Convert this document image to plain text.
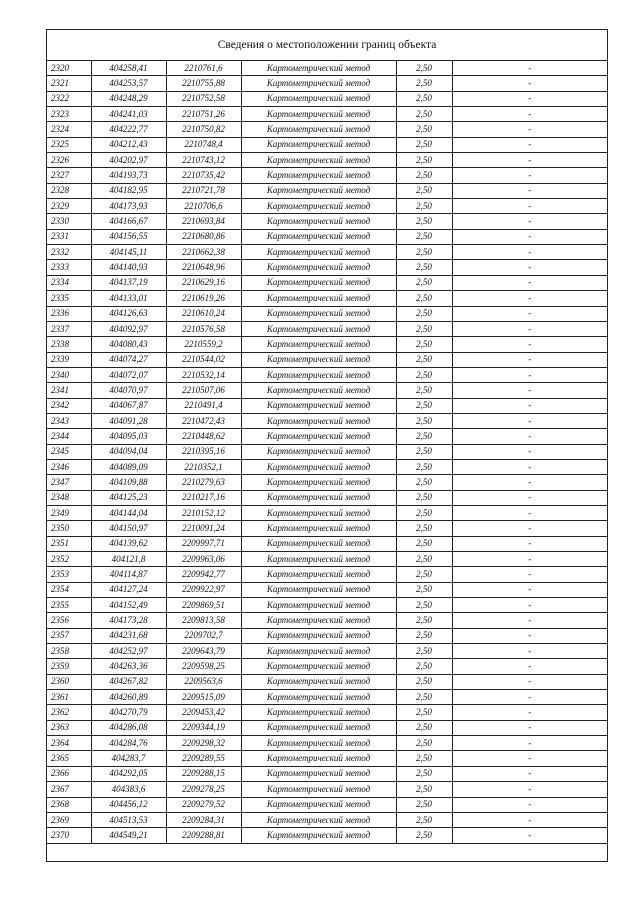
Сведения о местоположении границ объекта
2320	404258,41	2210761,6	Картометрический метод	2,50	-
2321	404253,57	2210755,88	Картометрический метод	2,50	-
2322	404248,29	2210752,58	Картометрический метод	2,50	-
2323	404241,03	2210751,26	Картометрический метод	2,50	-
2324	404222,77	2210750,82	Картометрический метод	2,50	-
2325	404212,43	2210748,4	Картометрический метод	2,50	-
2326	404202,97	2210743,12	Картометрический метод	2,50	-
2327	404193,73	2210735,42	Картометрический метод	2,50	-
2328	404182,95	2210721,78	Картометрический метод	2,50	-
2329	404173,93	2210706,6	Картометрический метод	2,50	-
2330	404166,67	2210693,84	Картометрический метод	2,50	-
2331	404156,55	2210680,86	Картометрический метод	2,50	-
2332	404145,11	2210662,38	Картометрический метод	2,50	-
2333	404140,93	2210648,96	Картометрический метод	2,50	-
2334	404137,19	2210629,16	Картометрический метод	2,50	-
2335	404133,01	2210619,26	Картометрический метод	2,50	-
2336	404126,63	2210610,24	Картометрический метод	2,50	-
2337	404092,97	2210576,58	Картометрический метод	2,50	-
2338	404080,43	2210559,2	Картометрический метод	2,50	-
2339	404074,27	2210544,02	Картометрический метод	2,50	-
2340	404072,07	2210532,14	Картометрический метод	2,50	-
2341	404070,97	2210507,06	Картометрический метод	2,50	-
2342	404067,87	2210491,4	Картометрический метод	2,50	-
2343	404091,28	2210472,43	Картометрический метод	2,50	-
2344	404095,03	2210448,62	Картометрический метод	2,50	-
2345	404094,04	2210395,16	Картометрический метод	2,50	-
2346	404089,09	2210352,1	Картометрический метод	2,50	-
2347	404109,88	2210279,63	Картометрический метод	2,50	-
2348	404125,23	2210217,16	Картометрический метод	2,50	-
2349	404144,04	2210152,12	Картометрический метод	2,50	-
2350	404150,97	2210091,24	Картометрический метод	2,50	-
2351	404139,62	2209997,71	Картометрический метод	2,50	-
2352	404121,8	2209963,06	Картометрический метод	2,50	-
2353	404114,87	2209942,77	Картометрический метод	2,50	-
2354	404127,24	2209922,97	Картометрический метод	2,50	-
2355	404152,49	2209869,51	Картометрический метод	2,50	-
2356	404173,28	2209813,58	Картометрический метод	2,50	-
2357	404231,68	2209702,7	Картометрический метод	2,50	-
2358	404252,97	2209643,79	Картометрический метод	2,50	-
2359	404263,36	2209598,25	Картометрический метод	2,50	-
2360	404267,82	2209563,6	Картометрический метод	2,50	-
2361	404260,89	2209515,09	Картометрический метод	2,50	-
2362	404270,79	2209453,42	Картометрический метод	2,50	-
2363	404286,08	2209344,19	Картометрический метод	2,50	-
2364	404284,76	2209298,32	Картометрический метод	2,50	-
2365	404283,7	2209289,55	Картометрический метод	2,50	-
2366	404292,05	2209288,15	Картометрический метод	2,50	-
2367	404383,6	2209278,25	Картометрический метод	2,50	-
2368	404456,12	2209279,52	Картометрический метод	2,50	-
2369	404513,53	2209284,31	Картометрический метод	2,50	-
2370	404549,21	2209288,81	Картометрический метод	2,50	-
